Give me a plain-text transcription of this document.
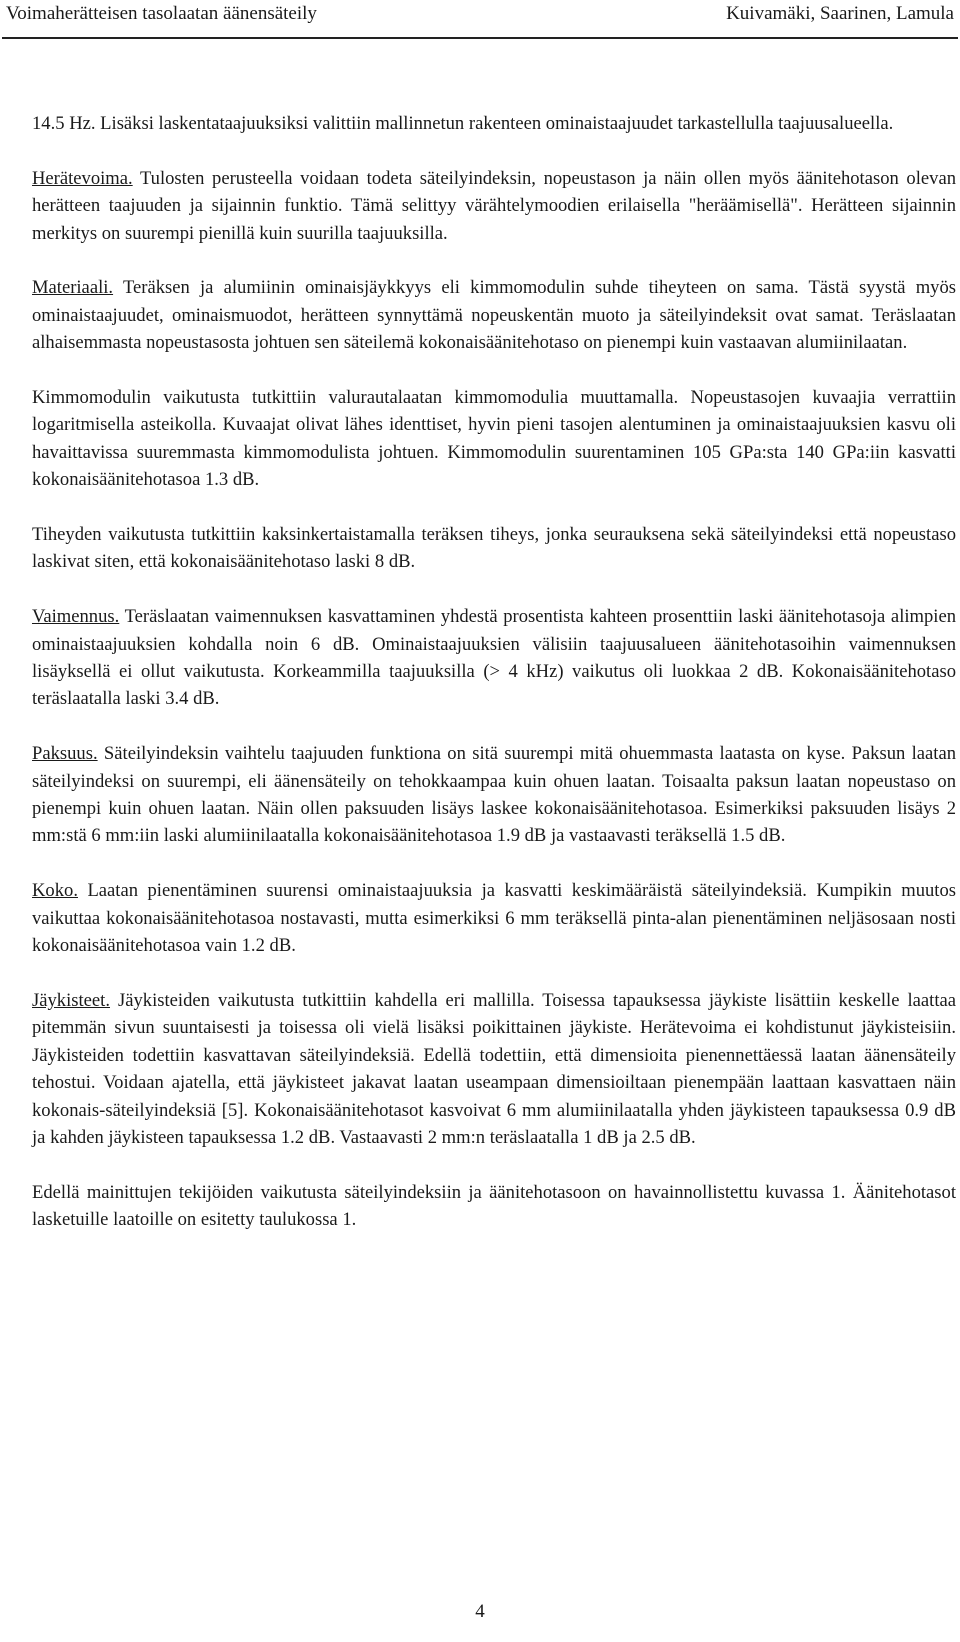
Voimaherätteisen tasolaatan äänensäteily	Kuivamäki, Saarinen, Lamula

14.5 Hz. Lisäksi laskentataajuuksiksi valittiin mallinnetun rakenteen ominaistaajuudet tarkastellulla taajuusalueella.

Herätevoima. Tulosten perusteella voidaan todeta säteilyindeksin, nopeustason ja näin ollen myös äänitehotason olevan herätteen taajuuden ja sijainnin funktio. Tämä selittyy värähtelymoodien erilaisella "heräämisellä". Herätteen sijainnin merkitys on suurempi pienillä kuin suurilla taajuuksilla.

Materiaali. Teräksen ja alumiinin ominaisjäykkyys eli kimmomodulin suhde tiheyteen on sama. Tästä syystä myös ominaistaajuudet, ominaismuodot, herätteen synnyttämä nopeuskentän muoto ja säteilyindeksit ovat samat. Teräslaatan alhaisemmasta nopeustasosta johtuen sen säteilemä kokonaisäänitehotaso on pienempi kuin vastaavan alumiinilaatan.

Kimmomodulin vaikutusta tutkittiin valurautalaatan kimmomodulia muuttamalla. Nopeustasojen kuvaajia verrattiin logaritmisella asteikolla. Kuvaajat olivat lähes identtiset, hyvin pieni tasojen alentuminen ja ominaistaajuuksien kasvu oli havaittavissa suuremmasta kimmomodulista johtuen. Kimmomodulin suurentaminen 105 GPa:sta 140 GPa:iin kasvatti kokonaisäänitehotasoa 1.3 dB.

Tiheyden vaikutusta tutkittiin kaksinkertaistamalla teräksen tiheys, jonka seurauksena sekä säteilyindeksi että nopeustaso laskivat siten, että kokonaisäänitehotaso laski 8 dB.

Vaimennus. Teräslaatan vaimennuksen kasvattaminen yhdestä prosentista kahteen prosenttiin laski äänitehotasoja alimpien ominaistaajuuksien kohdalla noin 6 dB. Ominaistaajuuksien välisiin taajuusalueen äänitehotasoihin vaimennuksen lisäyksellä ei ollut vaikutusta. Korkeammilla taajuuksilla (> 4 kHz) vaikutus oli luokkaa 2 dB. Kokonaisäänitehotaso teräslaatalla laski 3.4 dB.

Paksuus. Säteilyindeksin vaihtelu taajuuden funktiona on sitä suurempi mitä ohuemmasta laatasta on kyse. Paksun laatan säteilyindeksi on suurempi, eli äänensäteily on tehokkaampaa kuin ohuen laatan. Toisaalta paksun laatan nopeustaso on pienempi kuin ohuen laatan. Näin ollen paksuuden lisäys laskee kokonaisäänitehotasoa. Esimerkiksi paksuuden lisäys 2 mm:stä 6 mm:iin laski alumiinilaatalla kokonaisäänitehotasoa 1.9 dB ja vastaavasti teräksellä 1.5 dB.

Koko. Laatan pienentäminen suurensi ominaistaajuuksia ja kasvatti keskimääräistä säteilyindeksiä. Kumpikin muutos vaikuttaa kokonaisäänitehotasoa nostavasti, mutta esimerkiksi 6 mm teräksellä pinta-alan pienentäminen neljäsosaan nosti kokonaisäänitehotasoa vain 1.2 dB.

Jäykisteet. Jäykisteiden vaikutusta tutkittiin kahdella eri mallilla. Toisessa tapauksessa jäykiste lisättiin keskelle laattaa pitemmän sivun suuntaisesti ja toisessa oli vielä lisäksi poikittainen jäykiste. Herätevoima ei kohdistunut jäykisteisiin. Jäykisteiden todettiin kasvattavan säteilyindeksiä. Edellä todettiin, että dimensioita pienennettäessä laatan äänensäteily tehostui. Voidaan ajatella, että jäykisteet jakavat laatan useampaan dimensioiltaan pienempään laattaan kasvattaen näin kokonais-säteilyindeksiä [5]. Kokonaisäänitehotasot kasvoivat 6 mm alumiinilaatalla yhden jäykisteen tapauksessa 0.9 dB ja kahden jäykisteen tapauksessa 1.2 dB. Vastaavasti 2 mm:n teräslaatalla 1 dB ja 2.5 dB.

Edellä mainittujen tekijöiden vaikutusta säteilyindeksiin ja äänitehotasoon on havainnollistettu kuvassa 1. Äänitehotasot lasketuille laatoille on esitetty taulukossa 1.

4
